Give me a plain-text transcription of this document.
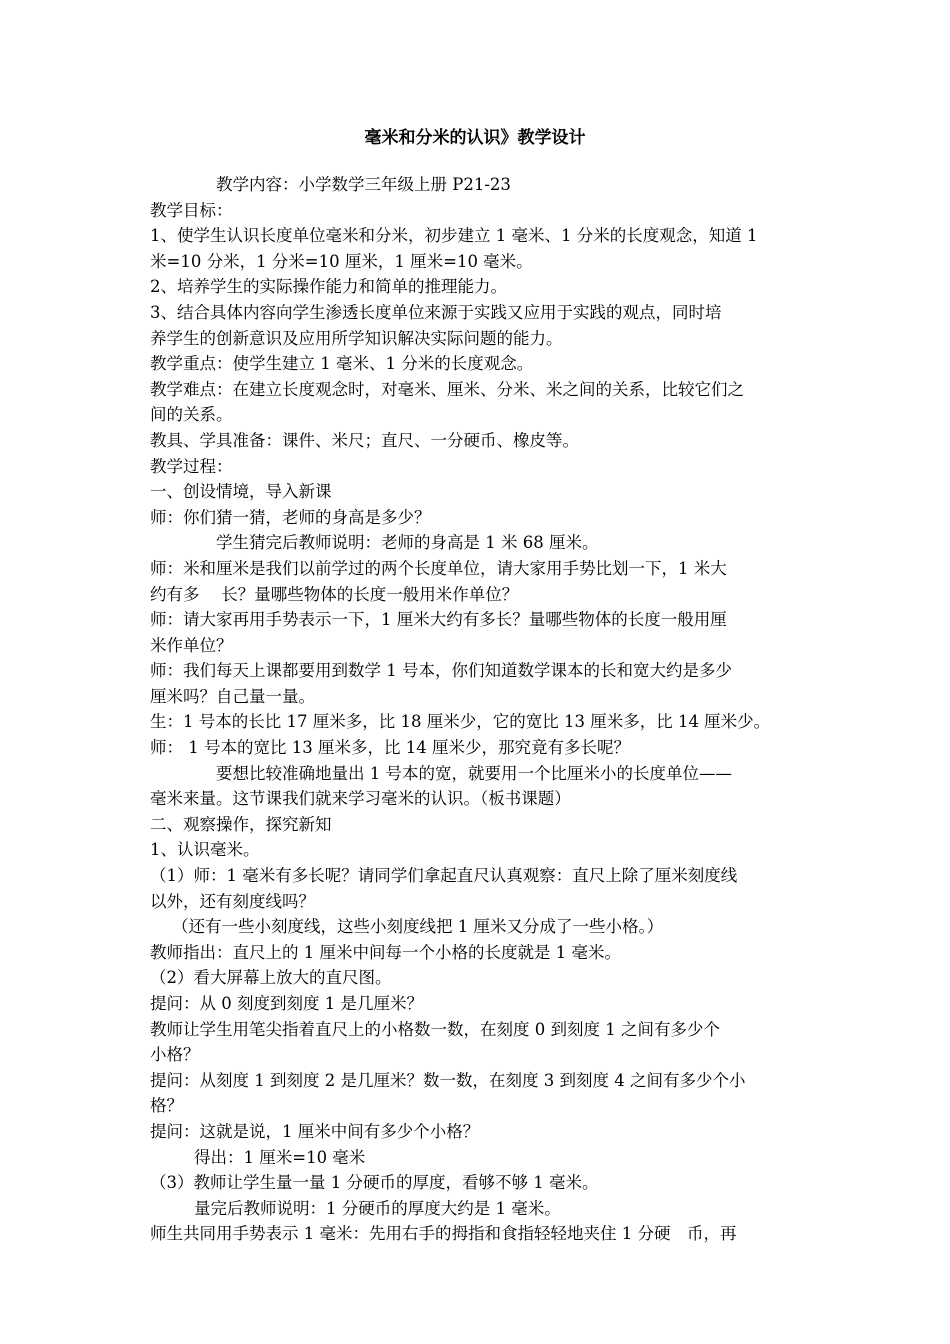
毫米和分米的认识》教学设计
教学内容：小学数学三年级上册 P21-23
教学目标：
1、使学生认识长度单位毫米和分米，初步建立 1 毫米、1 分米的长度观念，知道 1
米=10 分米，1 分米=10 厘米，1 厘米=10 毫米。
2、培养学生的实际操作能力和简单的推理能力。
3、结合具体内容向学生渗透长度单位来源于实践又应用于实践的观点，同时培
养学生的创新意识及应用所学知识解决实际问题的能力。
教学重点：使学生建立 1 毫米、1 分米的长度观念。
教学难点：在建立长度观念时，对毫米、厘米、分米、米之间的关系，比较它们之
间的关系。
教具、学具准备：课件、米尺；直尺、一分硬币、橡皮等。
教学过程：
一、创设情境，导入新课
师：你们猜一猜，老师的身高是多少？
学生猜完后教师说明：老师的身高是 1 米 68 厘米。
师：米和厘米是我们以前学过的两个长度单位，请大家用手势比划一下，1 米大
约有多　 长？量哪些物体的长度一般用米作单位？
师：请大家再用手势表示一下，1 厘米大约有多长？量哪些物体的长度一般用厘
米作单位？
师：我们每天上课都要用到数学 1 号本，你们知道数学课本的长和宽大约是多少
厘米吗？自己量一量。
生：1 号本的长比 17 厘米多，比 18 厘米少，它的宽比 13 厘米多，比 14 厘米少。
师： 1 号本的宽比 13 厘米多，比 14 厘米少，那究竟有多长呢？
要想比较准确地量出 1 号本的宽，就要用一个比厘米小的长度单位——
毫米来量。这节课我们就来学习毫米的认识。（板书课题）
二、观察操作，探究新知
1、认识毫米。
（1）师：1 毫米有多长呢？请同学们拿起直尺认真观察：直尺上除了厘米刻度线
以外，还有刻度线吗？
（还有一些小刻度线，这些小刻度线把 1 厘米又分成了一些小格。）
教师指出：直尺上的 1 厘米中间每一个小格的长度就是 1 毫米。
（2）看大屏幕上放大的直尺图。
提问：从 0 刻度到刻度 1 是几厘米？
教师让学生用笔尖指着直尺上的小格数一数，在刻度 0 到刻度 1 之间有多少个
小格？
提问：从刻度 1 到刻度 2 是几厘米？数一数，在刻度 3 到刻度 4 之间有多少个小
格？
提问：这就是说，1 厘米中间有多少个小格？
得出：1 厘米=10 毫米
（3）教师让学生量一量 1 分硬币的厚度，看够不够 1 毫米。
量完后教师说明：1 分硬币的厚度大约是 1 毫米。
师生共同用手势表示 1 毫米：先用右手的拇指和食指轻轻地夹住 1 分硬　币，再
